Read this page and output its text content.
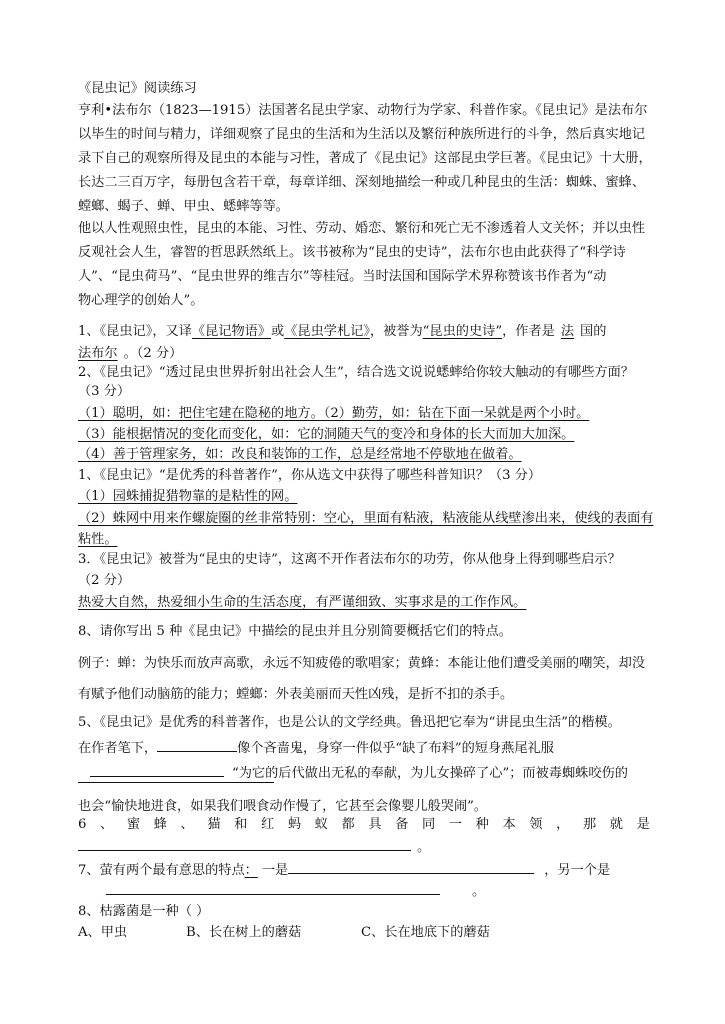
《昆虫记》阅读练习
亨利•法布尔（1823—1915）法国著名昆虫学家、动物行为学家、科普作家。《昆虫记》是法布尔
以毕生的时间与精力，详细观察了昆虫的生活和为生活以及繁衍种族所进行的斗争，然后真实地记
录下自己的观察所得及昆虫的本能与习性，著成了《昆虫记》这部昆虫学巨著。《昆虫记》十大册，
长达二三百万字，每册包含若干章，每章详细、深刻地描绘一种或几种昆虫的生活：蜘蛛、蜜蜂、
螳螂、蝎子、蝉、甲虫、蟋蟀等等。
他以人性观照虫性，昆虫的本能、习性、劳动、婚恋、繁衍和死亡无不渗透着人文关怀；并以虫性
反观社会人生，睿智的哲思跃然纸上。该书被称为“昆虫的史诗”，法布尔也由此获得了“科学诗
人”、“昆虫荷马”、“昆虫世界的维吉尔”等桂冠。当时法国和国际学术界称赞该书作者为“动
物心理学的创始人”。
1、《昆虫记》，又译《昆记物语》或《昆虫学札记》，被誉为“昆虫的史诗”，作者是 法 国的
法布尔 。（2 分）
2、《昆虫记》“透过昆虫世界折射出社会人生”，结合选文说说蟋蟀给你较大触动的有哪些方面？
（3 分）
（1）聪明，如：把住宅建在隐秘的地方。（2）勤劳，如：钻在下面一呆就是两个小时。
（3）能根据情况的变化而变化，如：它的洞随天气的变冷和身体的长大而加大加深。
（4）善于管理家务，如：改良和装饰的工作，总是经常地不停歇地在做着。
1、《昆虫记》“是优秀的科普著作”，你从选文中获得了哪些科普知识？（3 分）
（1）园蛛捕捉猎物靠的是粘性的网。
（2）蛛网中用来作螺旋圈的丝非常特别：空心，里面有粘液，粘液能从线壁渗出来，使线的表面有
粘性。
3．《昆虫记》被誉为“昆虫的史诗”，这离不开作者法布尔的功劳，你从他身上得到哪些启示？
（2 分）
热爱大自然，热爱细小生命的生活态度，有严谨细致、实事求是的工作作风。
8、请你写出 5 种《昆虫记》中描绘的昆虫并且分别简要概括它们的特点。
例子：蝉：为快乐而放声高歌，永远不知疲倦的歌唱家；黄蜂：本能让他们遭受美丽的嘲笑，却没
有赋予他们动脑筋的能力；螳螂：外表美丽而天性凶残，是折不扣的杀手。
5、《昆虫记》是优秀的科普著作，也是公认的文学经典。鲁迅把它奉为“讲昆虫生活”的楷模。
在作者笔下，	像个吝啬鬼，身穿一件似乎“缺了布料”的短身燕尾礼服
“为它的后代做出无私的奉献，为儿女操碎了心”；而被毒蜘蛛咬伤的
也会“愉快地进食，如果我们喂食动作慢了，它甚至会像婴儿般哭闹”。
6 、 蜜 蜂 、 猫 和 红 蚂 蚁 都 具 备 同 一 种 本 领 ， 那 就 是
。
7、萤有两个最有意思的特点： 一是	，另一个是
。
8、枯露菌是一种（ ）
A、甲虫	B、长在树上的蘑菇	C、长在地底下的蘑菇
